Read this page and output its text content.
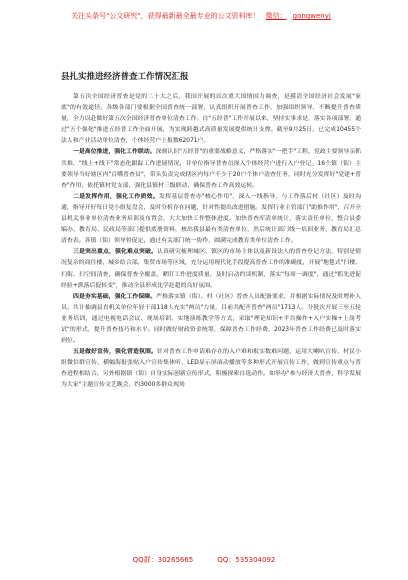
关注头条号"公文研究"，获得最新最全最专业的公文资料库！ 微信： gongwenyj
县扎实推进经济普查工作情况汇报

第五次全国经济普查是党的二十大之后，我国开展的首次重大国情国力调查，是摸清全国经济社会发展"家底"的有效途径。各级各部门要根据全国普查统一部署，认真组织开展普查工作，加强组织领导，不断提升普查质量，全力以赴做好第五次全国经济普查单位清查工作。自"五经普"工作开展以来，坚持实事求是，落实各项部署，通过"五个强化"推进五经普工作全面开展，为实现跨越式高质量发展提供统计支撑。截至9月25日，已完成10455个法人和产业活动单位清查，个体经营户上报数62071户。

一是高位推进，强化工作联动。深刻认识"五经普"的重要战略意义，严格落实"一把手"工程，党政主要领导亲抓共推，"线上+线下"常态化跟踪工作进展情况，并单位指导普查员深入个体经营户进行入户登记。16个镇（街）主要领导当好辖区内"百嘴普查员"，带头负责完成辖区内每户不少于20户个体户清查任务，同时充分发挥好"党建+普查"作用，依托镇村党支部，强化县镇村三级联动，确保普查工作高效运转。

二是发挥作用，强化工作质效。发挥基层普查办"核心作用"，深入一线指导，与工作落后村（社区）及时沟通，指导开好每日党小组复盘会，及时分析存在问题，针对性提出改进措施。发挥行业主管部门"助推作用"，召开全县机关事业单位清查业务培训及布置会，大大加快工作整体进度。加快普查库清单统计，落实责任单位，整合县委编办、教育局、民政局等部门提供底册资料，核出我县最有类清查单位，然后统计部门线一培训业务，教育局汇总清查表。各镇（街）领导督促定，通过有关部门统一协作，圆满完成教育类单位清查工作。

三是突出重点，强化难点突破。认真研究梳理城区、镇区的市场主体以及新设法人的普查登记方法，特别是情况复杂的商住楼、城乡结合部，集贸市场等区域，充分运用现代化手段提高普查工作的准确度，开展"地毯式"扫楼、扫街、扫空间清查，确保普查全覆盖。紧盯工作进度质量，及时启动约谈机制，落实"每周一调度"，通过"抓先进促经验+抓落后促转变"，推动全县形成比学赶超的良好氛围。

四是夯实基础，强化工作保障。严格落实镇（街）、村（社区）普查人员配备要求，并根据实际情况及时增补人员。共计抽调县直机关单位年轻干部118人充实"两员"力量，目前共配齐普查"两员"1713人。分批次开展三至五轮业务培训，通过电视电话会议、现场培训、实地演练教学等方式，采取"理论知识+平台操作+入户实操+上岗考试"的形式，提升普查技巧和水平。同时做好财政资金统筹，保障普查工作经费，2023年普查工作经费已及时落实到位。

五是做好宣传，强化营造氛围。针对普查工作申请难存在的入户难和报实数难问题，运用大喇叭宣传、村民小组微信群宣传、横幅海报张贴入户宣传集体听、LED显示屏滚动播放等多种形式开展宣传工作，做到宣传重点与普查进程相结合。另外根据镇（街）自身实际创新宣传形式，积极探索自选动作。如举办"参与经济大普查，科学发展为大家"主题宣传文艺晚会，约3000多群众现场

QQ群：30265665	QQ：535304092
